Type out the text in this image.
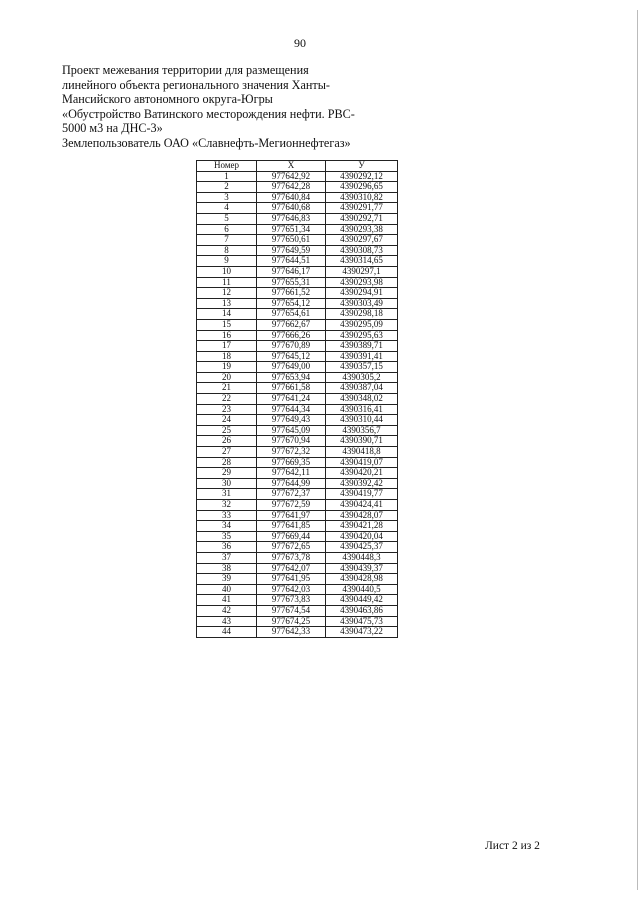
90
Проект межевания территории для размещения
линейного объекта регионального значения Ханты-
Мансийского автономного округа-Югры
«Обустройство Ватинского месторождения нефти. РВС-
5000 м3 на ДНС-3»
Землепользователь ОАО «Славнефть-Мегионнефтегаз»
Номер	X	У
1	977642,92	4390292,12
2	977642,28	4390296,65
3	977640,84	4390310,82
4	977640,68	4390291,77
5	977646,83	4390292,71
6	977651,34	4390293,38
7	977650,61	4390297,67
8	977649,59	4390308,73
9	977644,51	4390314,65
10	977646,17	4390297,1
11	977655,31	4390293,98
12	977661,52	4390294,91
13	977654,12	4390303,49
14	977654,61	4390298,18
15	977662,67	4390295,09
16	977666,26	4390295,63
17	977670,89	4390389,71
18	977645,12	4390391,41
19	977649,00	4390357,15
20	977653,94	4390305,2
21	977661,58	4390387,04
22	977641,24	4390348,02
23	977644,34	4390316,41
24	977649,43	4390310,44
25	977645,09	4390356,7
26	977670,94	4390390,71
27	977672,32	4390418,8
28	977669,35	4390419,07
29	977642,11	4390420,21
30	977644,99	4390392,42
31	977672,37	4390419,77
32	977672,59	4390424,41
33	977641,97	4390428,07
34	977641,85	4390421,28
35	977669,44	4390420,04
36	977672,65	4390425,37
37	977673,78	4390448,3
38	977642,07	4390439,37
39	977641,95	4390428,98
40	977642,03	4390440,5
41	977673,83	4390449,42
42	977674,54	4390463,86
43	977674,25	4390475,73
44	977642,33	4390473,22
Лист 2 из 2
